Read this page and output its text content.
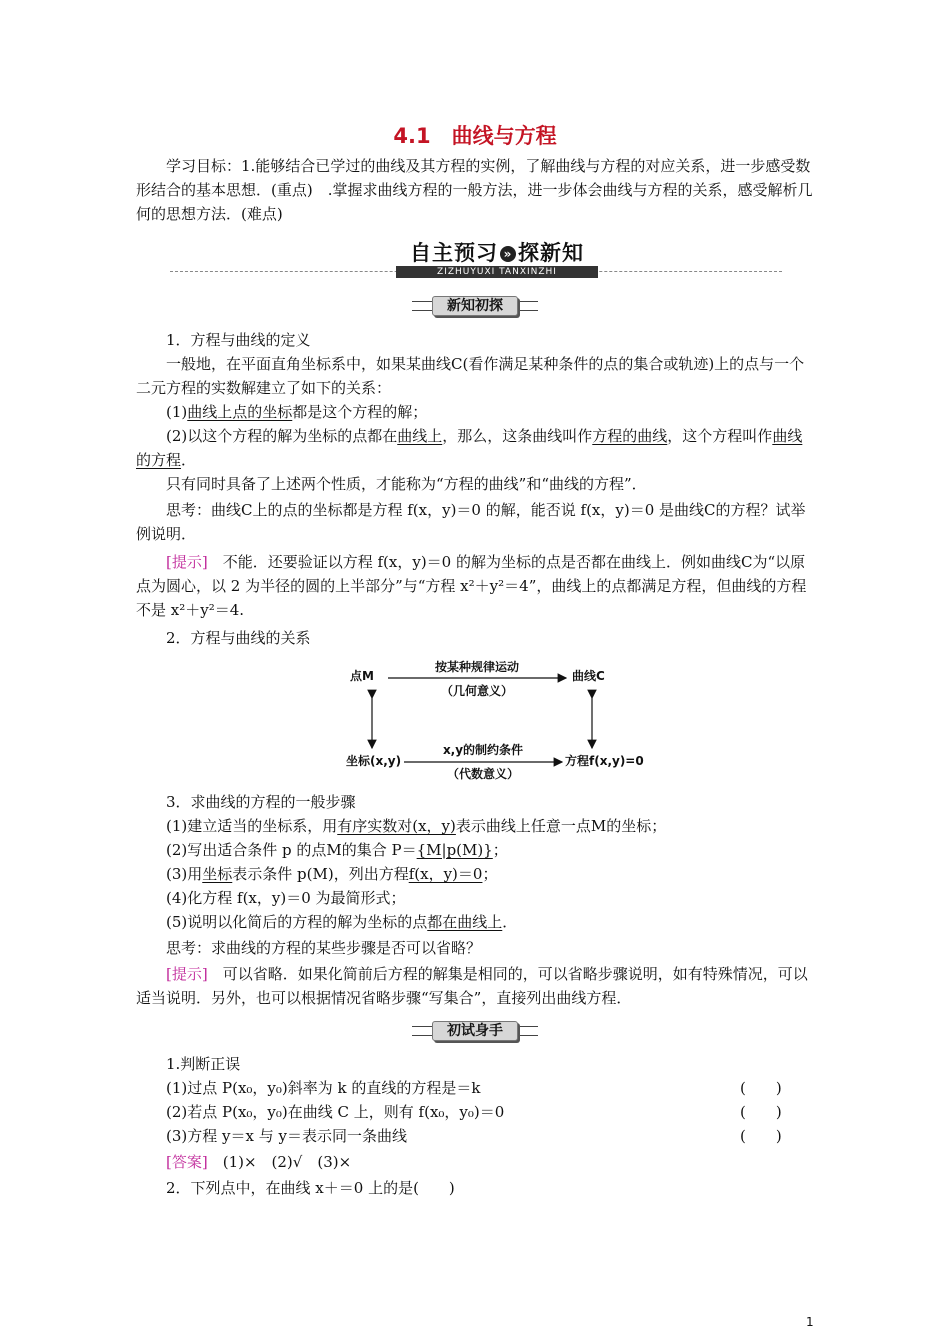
4.1　曲线与方程

学习目标：1.能够结合已学过的曲线及其方程的实例，了解曲线与方程的对应关系，进一步感受数形结合的基本思想．(重点)　.掌握求曲线方程的一般方法，进一步体会曲线与方程的关系，感受解析几何的思想方法．(难点)

自主预习 » 探新知
ZIZHUYUXI TANXINZHI
新知初探
1．方程与曲线的定义

一般地，在平面直角坐标系中，如果某曲线C(看作满足某种条件的点的集合或轨迹)上的点与一个二元方程的实数解建立了如下的关系：

(1)曲线上点的坐标都是这个方程的解；

(2)以这个方程的解为坐标的点都在曲线上，那么，这条曲线叫作方程的曲线，这个方程叫作曲线的方程．

只有同时具备了上述两个性质，才能称为“方程的曲线”和“曲线的方程”．

思考：曲线C上的点的坐标都是方程 f(x，y)＝0 的解，能否说 f(x，y)＝0 是曲线C的方程？试举例说明．

[提示]　不能．还要验证以方程 f(x，y)＝0 的解为坐标的点是否都在曲线上．例如曲线C为“以原点为圆心，以 2 为半径的圆的上半部分”与“方程 x²＋y²＝4”，曲线上的点都满足方程，但曲线的方程不是 x²＋y²＝4.

2．方程与曲线的关系
点M
按某种规律运动
（几何意义）
曲线C
坐标(x,y)
x,y的制约条件
（代数意义）
方程f(x,y)=0
3．求曲线的方程的一般步骤
(1)建立适当的坐标系，用有序实数对(x，y)表示曲线上任意一点M的坐标；
(2)写出适合条件 p 的点M的集合 P＝{M|p(M)}；
(3)用坐标表示条件 p(M)，列出方程f(x，y)＝0；
(4)化方程 f(x，y)＝0 为最简形式；
(5)说明以化简后的方程的解为坐标的点都在曲线上．

思考：求曲线的方程的某些步骤是否可以省略？

[提示]　可以省略．如果化简前后方程的解集是相同的，可以省略步骤说明，如有特殊情况，可以适当说明．另外，也可以根据情况省略步骤“写集合”，直接列出曲线方程．

初试身手
1.判断正误
(1)过点 P(x₀，y₀)斜率为 k 的直线的方程是＝k	(　　)
(2)若点 P(x₀，y₀)在曲线 C 上，则有 f(x₀，y₀)＝0	(　　)
(3)方程 y＝x 与 y＝表示同一条曲线	(　　)
[答案]　(1)×　(2)√　(3)×
2．下列点中，在曲线 x＋＝0 上的是(　　)
1
